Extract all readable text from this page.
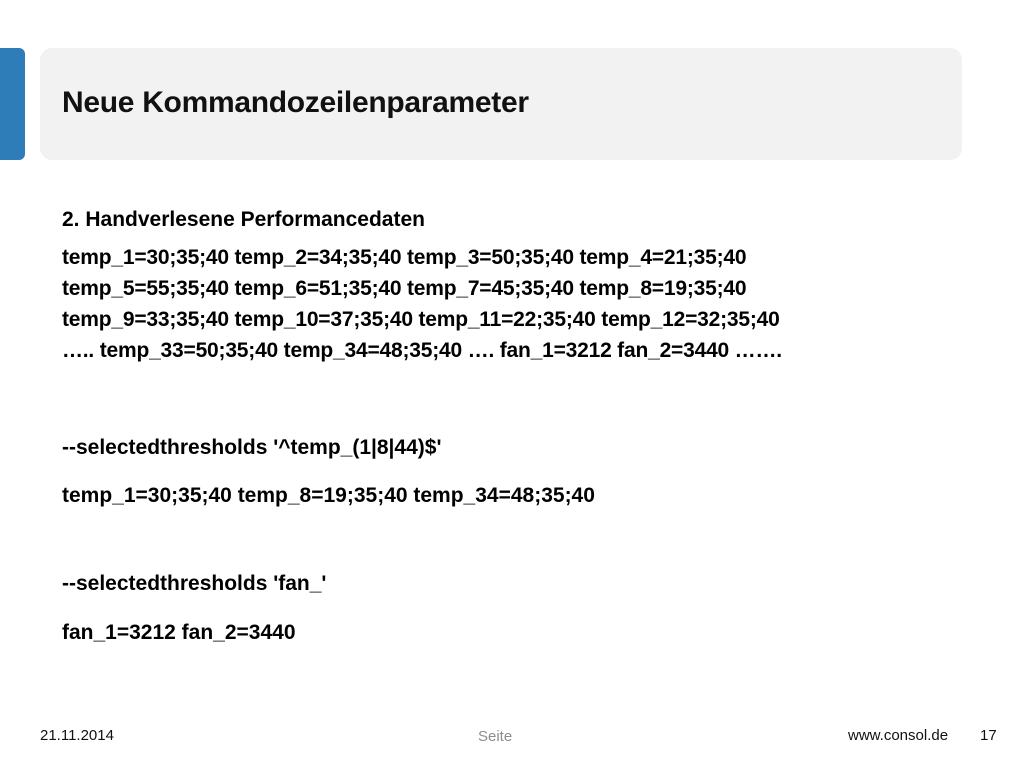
Neue Kommandozeilenparameter

2. Handverlesene Performancedaten

temp_1=30;35;40 temp_2=34;35;40 temp_3=50;35;40 temp_4=21;35;40
temp_5=55;35;40 temp_6=51;35;40 temp_7=45;35;40 temp_8=19;35;40
temp_9=33;35;40 temp_10=37;35;40 temp_11=22;35;40 temp_12=32;35;40
….. temp_33=50;35;40 temp_34=48;35;40 …. fan_1=3212 fan_2=3440 …….
--selectedthresholds '^temp_(1|8|44)$'
temp_1=30;35;40 temp_8=19;35;40 temp_34=48;35;40
--selectedthresholds 'fan_'
fan_1=3212 fan_2=3440
21.11.2014	Seite	www.consol.de 17
